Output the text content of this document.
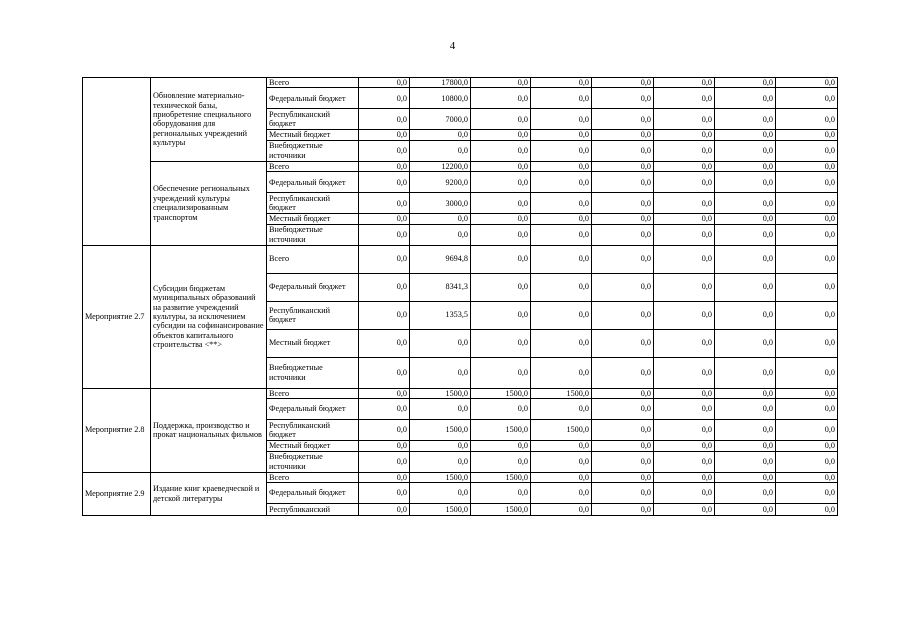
4
	Обновление материально-технической базы, приобретение специального оборудования для региональных учреждений культуры	Всего	0,0	17800,0	0,0	0,0	0,0	0,0	0,0	0,0
		Федеральный бюджет	0,0	10800,0	0,0	0,0	0,0	0,0	0,0	0,0
		Республиканский бюджет	0,0	7000,0	0,0	0,0	0,0	0,0	0,0	0,0
		Местный бюджет	0,0	0,0	0,0	0,0	0,0	0,0	0,0	0,0
		Внебюджетные источники	0,0	0,0	0,0	0,0	0,0	0,0	0,0	0,0
	Обеспечение региональных учреждений культуры специализированным транспортом	Всего	0,0	12200,0	0,0	0,0	0,0	0,0	0,0	0,0
		Федеральный бюджет	0,0	9200,0	0,0	0,0	0,0	0,0	0,0	0,0
		Республиканский бюджет	0,0	3000,0	0,0	0,0	0,0	0,0	0,0	0,0
		Местный бюджет	0,0	0,0	0,0	0,0	0,0	0,0	0,0	0,0
		Внебюджетные источники	0,0	0,0	0,0	0,0	0,0	0,0	0,0	0,0
Мероприятие 2.7	Субсидии бюджетам муниципальных образований на развитие учреждений культуры, за исключением субсидии на софинансирование объектов капитального строительства <**>	Всего	0,0	9694,8	0,0	0,0	0,0	0,0	0,0	0,0
		Федеральный бюджет	0,0	8341,3	0,0	0,0	0,0	0,0	0,0	0,0
		Республиканский бюджет	0,0	1353,5	0,0	0,0	0,0	0,0	0,0	0,0
		Местный бюджет	0,0	0,0	0,0	0,0	0,0	0,0	0,0	0,0
		Внебюджетные источники	0,0	0,0	0,0	0,0	0,0	0,0	0,0	0,0
Мероприятие 2.8	Поддержка, производство и прокат национальных фильмов	Всего	0,0	1500,0	1500,0	1500,0	0,0	0,0	0,0	0,0
		Федеральный бюджет	0,0	0,0	0,0	0,0	0,0	0,0	0,0	0,0
		Республиканский бюджет	0,0	1500,0	1500,0	1500,0	0,0	0,0	0,0	0,0
		Местный бюджет	0,0	0,0	0,0	0,0	0,0	0,0	0,0	0,0
		Внебюджетные источники	0,0	0,0	0,0	0,0	0,0	0,0	0,0	0,0
Мероприятие 2.9	Издание книг краеведческой и детской литературы	Всего	0,0	1500,0	1500,0	0,0	0,0	0,0	0,0	0,0
		Федеральный бюджет	0,0	0,0	0,0	0,0	0,0	0,0	0,0	0,0
		Республиканский	0,0	1500,0	1500,0	0,0	0,0	0,0	0,0	0,0
